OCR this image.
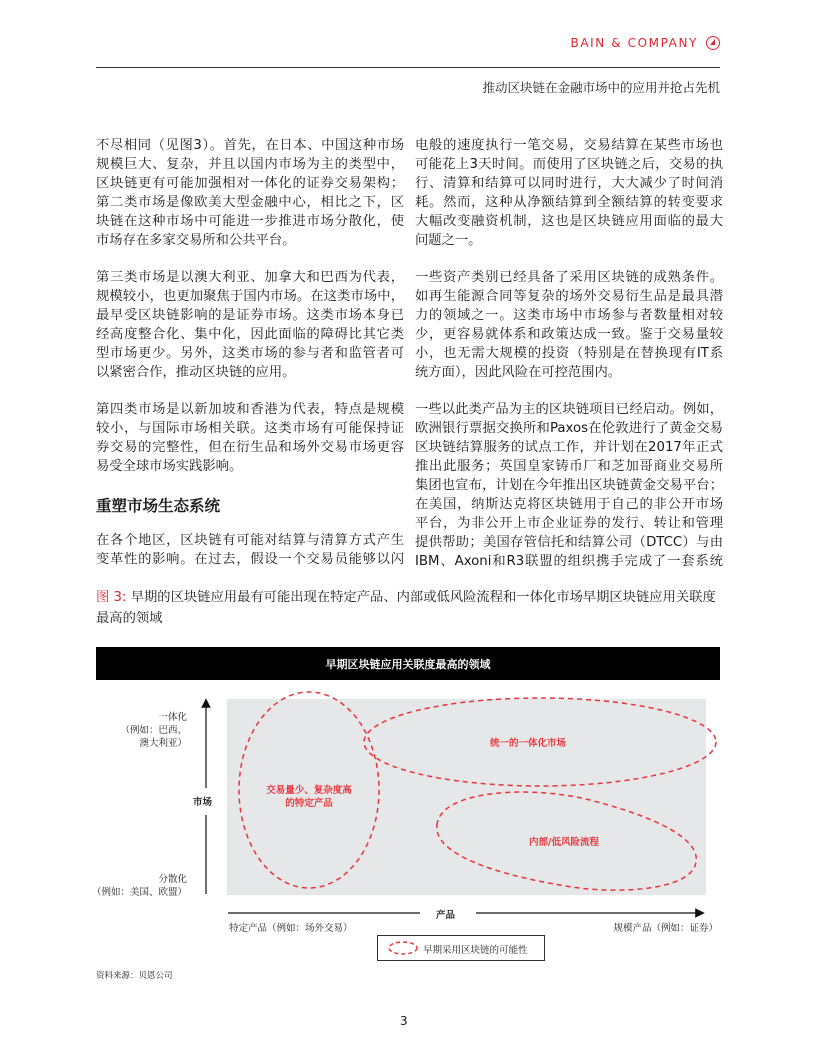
BAIN & COMPANY
推动区块链在金融市场中的应用并抢占先机
不尽相同（见图3）。首先，在日本、中国这种市场
规模巨大、复杂，并且以国内市场为主的类型中，
区块链更有可能加强相对一体化的证券交易架构；
第二类市场是像欧美大型金融中心，相比之下，区
块链在这种市场中可能进一步推进市场分散化，使
市场存在多家交易所和公共平台。
第三类市场是以澳大利亚、加拿大和巴西为代表，
规模较小，也更加聚焦于国内市场。在这类市场中，
最早受区块链影响的是证券市场。这类市场本身已
经高度整合化、集中化，因此面临的障碍比其它类
型市场更少。另外，这类市场的参与者和监管者可
以紧密合作，推动区块链的应用。
第四类市场是以新加坡和香港为代表，特点是规模
较小，与国际市场相关联。这类市场有可能保持证
券交易的完整性，但在衍生品和场外交易市场更容
易受全球市场实践影响。
重塑市场生态系统
在各个地区，区块链有可能对结算与清算方式产生
变革性的影响。在过去，假设一个交易员能够以闪
电般的速度执行一笔交易，交易结算在某些市场也
可能花上3天时间。而使用了区块链之后，交易的执
行、清算和结算可以同时进行，大大减少了时间消
耗。然而，这种从净额结算到全额结算的转变要求
大幅改变融资机制，这也是区块链应用面临的最大
问题之一。
一些资产类别已经具备了采用区块链的成熟条件。
如再生能源合同等复杂的场外交易衍生品是最具潜
力的领域之一。这类市场中市场参与者数量相对较
少，更容易就体系和政策达成一致。鉴于交易量较
小，也无需大规模的投资（特别是在替换现有IT系
统方面），因此风险在可控范围内。
一些以此类产品为主的区块链项目已经启动。例如，
欧洲银行票据交换所和Paxos在伦敦进行了黄金交易
区块链结算服务的试点工作，并计划在2017年正式
推出此服务；英国皇家铸币厂和芝加哥商业交易所
集团也宣布，计划在今年推出区块链黄金交易平台；
在美国，纳斯达克将区块链用于自己的非公开市场
平台，为非公开上市企业证券的发行、转让和管理
提供帮助；美国存管信托和结算公司（DTCC）与由
IBM、Axoni和R3联盟的组织携手完成了一套系统
图 3: 早期的区块链应用最有可能出现在特定产品、内部或低风险流程和一体化市场早期区块链应用关联度最高的领域
早期区块链应用关联度最高的领域
一体化
（例如：巴西、
澳大利亚）
市场
分散化
（例如：美国、欧盟）
产品
特定产品（例如：场外交易）	规模产品（例如：证券）
交易量少、复杂度高
的特定产品
统一的一体化市场
内部/低风险流程
早期采用区块链的可能性
资料来源：贝恩公司
3
